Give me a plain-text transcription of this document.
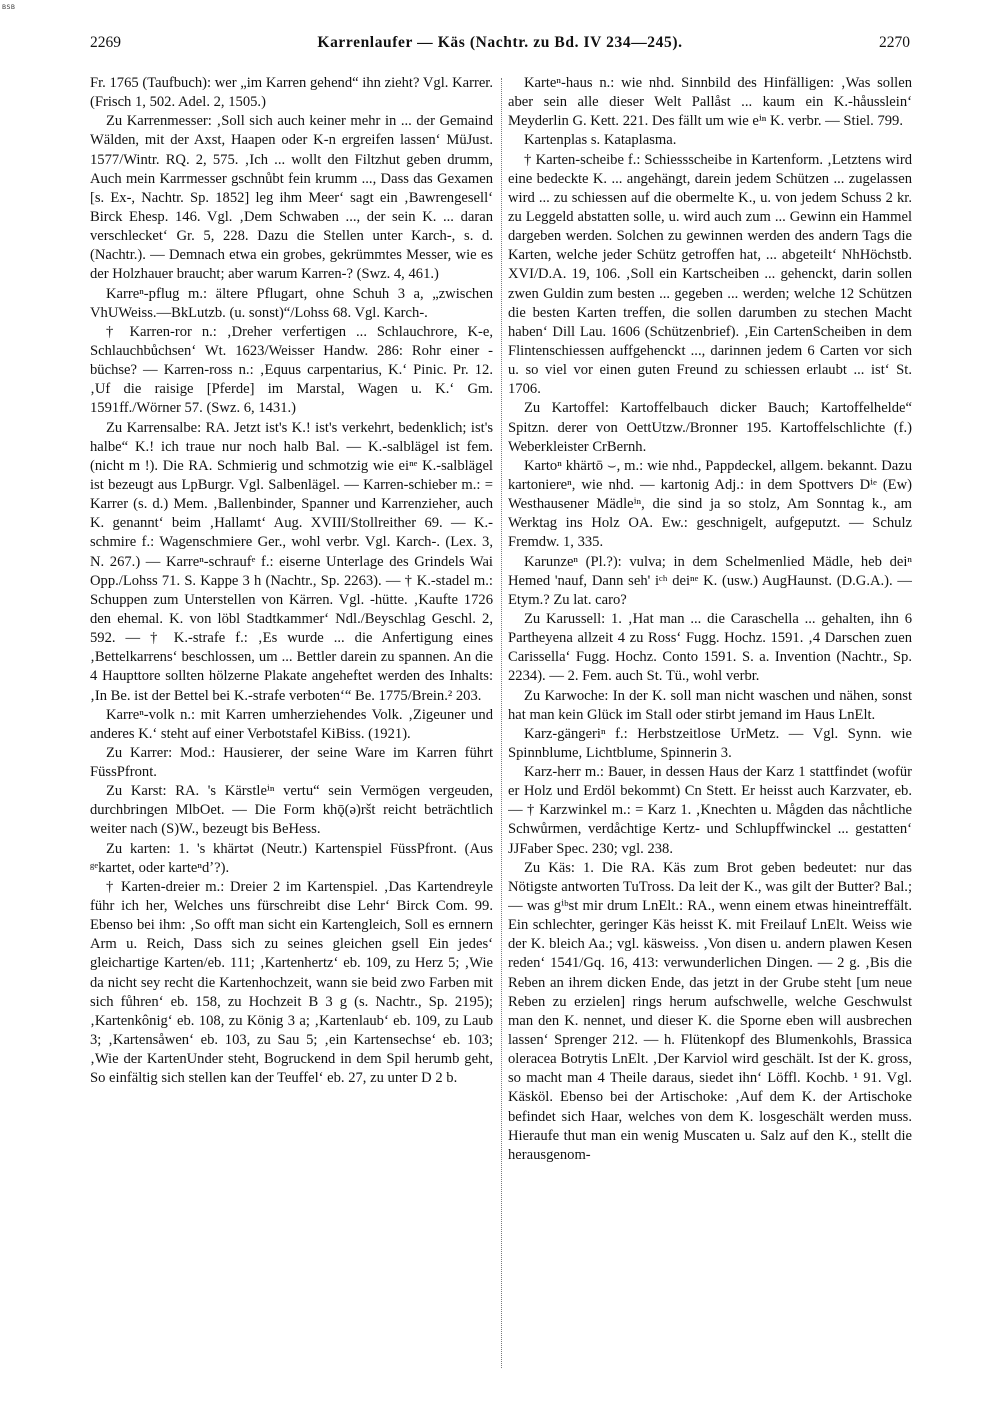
BSB
2269	Karrenlaufer — Käs (Nachtr. zu Bd. IV 234—245).	2270

Fr. 1765 (Taufbuch): wer „im Karren gehend“ ihn zieht? Vgl. Karrer. (Frisch 1, 502. Adel. 2, 1505.)

Zu Karrenmesser: ‚Soll sich auch keiner mehr in ... der Gemaind Wälden, mit der Axst, Haapen oder K-n ergreifen lassen‘ MüJust. 1577/Wintr. RQ. 2, 575. ‚Ich ... wollt den Filtzhut geben drumm, Auch mein Karrmesser gschnůbt fein krumm ..., Dass das Gexamen [s. Ex-, Nachtr. Sp. 1852] leg ihm Meer‘ sagt ein ‚Bawrengesell‘ Birck Ehesp. 146. Vgl. ‚Dem Schwaben ..., der sein K. ... daran verschlecket‘ Gr. 5, 228. Dazu die Stellen unter Karch-, s. d. (Nachtr.). — Demnach etwa ein grobes, gekrümmtes Messer, wie es der Holzhauer braucht; aber warum Karren-? (Swz. 4, 461.)

Karreⁿ-pflug m.: ältere Pflugart, ohne Schuh 3 a, „zwischen VhUWeiss.—BkLutzb. (u. sonst)“/Lohss 68. Vgl. Karch-.

† Karren-ror n.: ‚Dreher verfertigen ... Schlauchrore, K-e, Schlauchbůchsen‘ Wt. 1623/Weisser Handw. 286: Rohr einer -büchse? — Karren-ross n.: ‚Equus carpentarius, K.‘ Pinic. Pr. 12. ‚Uf die raisige [Pferde] im Marstal, Wagen u. K.‘ Gm. 1591ff./Wörner 57. (Swz. 6, 1431.)

Zu Karrensalbe: RA. Jetzt ist's K.! ist's verkehrt, bedenklich; ist's halbe“ K.! ich traue nur noch halb Bal. — K.-salblägel ist fem. (nicht m !). Die RA. Schmierig und schmotzig wie eiⁿᵉ K.-salblägel ist bezeugt aus LpBurgr. Vgl. Salbenlägel. — Karren-schieber m.: = Karrer (s. d.) Mem. ‚Ballenbinder, Spanner und Karrenzieher, auch K. genannt‘ beim ‚Hallamt‘ Aug. XVIII/Stollreither 69. — K.-schmire f.: Wagenschmiere Ger., wohl verbr. Vgl. Karch-. (Lex. 3, N. 267.) — Karreⁿ-schraufᵉ f.: eiserne Unterlage des Grindels Wai Opp./Lohss 71. S. Kappe 3 h (Nachtr., Sp. 2263). — † K.-stadel m.: Schuppen zum Unterstellen von Kärren. Vgl. -hütte. ‚Kaufte 1726 den ehemal. K. von löbl Stadtkammer‘ Ndl./Beyschlag Geschl. 2, 592. — † K.-strafe f.: ‚Es wurde ... die Anfertigung eines ‚Bettelkarrens‘ beschlossen, um ... Bettler darein zu spannen. An die 4 Haupttore sollten hölzerne Plakate angeheftet werden des Inhalts: ‚In Be. ist der Bettel bei K.-strafe verboten‘“ Be. 1775/Brein.² 203.

Karreⁿ-volk n.: mit Karren umherziehendes Volk. ‚Zigeuner und anderes K.‘ steht auf einer Verbotstafel KiBiss. (1921).

Zu Karrer: Mod.: Hausierer, der seine Ware im Karren führt FüssPfront.

Zu Karst: RA. 's Kärstleⁱⁿ vertu“ sein Vermögen vergeuden, durchbringen MlbOet. — Die Form khǭ(ə)ršt reicht beträchtlich weiter nach (S)W., bezeugt bis BeHess.

Zu karten: 1. 's khärtət (Neutr.) Kartenspiel FüssPfront. (Aus ᵍᵉkartet, oder karteⁿdʼ?).

† Karten-dreier m.: Dreier 2 im Kartenspiel. ‚Das Kartendreyle führ ich her, Welches uns fürschreibt dise Lehr‘ Birck Com. 99. Ebenso bei ihm: ‚So offt man sicht ein Kartengleich, Soll es ernnern Arm u. Reich, Dass sich zu seines gleichen gsell Ein jedes‘ gleichartige Karten/eb. 111; ‚Kartenhertz‘ eb. 109, zu Herz 5; ‚Wie da nicht sey recht die Kartenhochzeit, wann sie beid zwo Farben mit sich fůhren‘ eb. 158, zu Hochzeit B 3 g (s. Nachtr., Sp. 2195); ‚Kartenkônig‘ eb. 108, zu König 3 a; ‚Kartenlaub‘ eb. 109, zu Laub 3; ‚Kartensåwen‘ eb. 103, zu Sau 5; ‚ein Kartensechse‘ eb. 103; ‚Wie der KartenUnder steht, Bogruckend in dem Spil herumb geht, So einfältig sich stellen kan der Teuffel‘ eb. 27, zu unter D 2 b.

Karteⁿ-haus n.: wie nhd. Sinnbild des Hinfälligen: ‚Was sollen aber sein alle dieser Welt Pallåst ... kaum ein K.-håusslein‘ Meyderlin G. Kett. 221. Des fällt um wie eⁱⁿ K. verbr. — Stiel. 799.

Kartenplas s. Kataplasma.

† Karten-scheibe f.: Schiessscheibe in Kartenform. ‚Letztens wird eine bedeckte K. ... angehängt, darein jedem Schützen ... zugelassen wird ... zu schiessen auf die obermelte K., u. von jedem Schuss 2 kr. zu Leggeld abstatten solle, u. wird auch zum ... Gewinn ein Hammel dargeben werden. Solchen zu gewinnen werden des andern Tags die Karten, welche jeder Schütz getroffen hat, ... abgeteilt‘ NhHöchstb. XVI/D.A. 19, 106. ‚Soll ein Kartscheiben ... gehenckt, darin sollen zwen Guldin zum besten ... gegeben ... werden; welche 12 Schützen die besten Karten treffen, die sollen darumben zu stechen Macht haben‘ Dill Lau. 1606 (Schützenbrief). ‚Ein CartenScheiben in dem Flintenschiessen auffgehenckt ..., darinnen jedem 6 Carten vor sich u. so viel vor einen guten Freund zu schiessen erlaubt ... ist‘ St. 1706.

Zu Kartoffel: Kartoffelbauch dicker Bauch; Kartoffelhelde“ Spitzn. derer von OettUtzw./Bronner 195. Kartoffelschlichte (f.) Weberkleister CrBernh.

Kartoⁿ khärtō ⌣, m.: wie nhd., Pappdeckel, allgem. bekannt. Dazu kartonierеⁿ, wie nhd. — kartonig Adj.: in dem Spottvers Dⁱᵉ (Ew) Westhausener Mädleⁱⁿ, die sind ja so stolz, Am Sonntag k., am Werktag ins Holz OA. Ew.: geschnigelt, aufgeputzt. — Schulz Fremdw. 1, 335.

Karunzeⁿ (Pl.?): vulva; in dem Schelmenlied Mädle, heb deiⁿ Hemed 'nauf, Dann seh' iᶜʰ deiⁿᵉ K. (usw.) AugHaunst. (D.G.A.). — Etym.? Zu lat. caro?

Zu Karussell: 1. ‚Hat man ... die Caraschella ... gehalten, ihn 6 Partheyena allzeit 4 zu Ross‘ Fugg. Hochz. 1591. ‚4 Darschen zuen Carissella‘ Fugg. Hochz. Conto 1591. S. a. Invention (Nachtr., Sp. 2234). — 2. Fem. auch St. Tü., wohl verbr.

Zu Karwoche: In der K. soll man nicht waschen und nähen, sonst hat man kein Glück im Stall oder stirbt jemand im Haus LnElt.

Karz-gängeriⁿ f.: Herbstzeitlose UrMetz. — Vgl. Synn. wie Spinnblume, Lichtblume, Spinnerin 3.

Karz-herr m.: Bauer, in dessen Haus der Karz 1 stattfindet (wofür er Holz und Erdöl bekommt) Cn Stett. Er heisst auch Karzvater, eb. — † Karzwinkel m.: = Karz 1. ‚Knechten u. Mågden das nåchtliche Schwůrmen, verdåchtige Kertz- und Schlupffwinckel ... gestatten‘ JJFaber Spec. 230; vgl. 238.

Zu Käs: 1. Die RA. Käs zum Brot geben bedeutet: nur das Nötigste antworten TuTross. Da leit der K., was gilt der Butter? Bal.; — was gⁱᵇst mir drum LnElt.: RA., wenn einem etwas hineintreffält. Ein schlechter, geringer Käs heisst K. mit Freilauf LnElt. Weiss wie der K. bleich Aa.; vgl. käsweiss. ‚Von disen u. andern plawen Kesen reden‘ 1541/Gq. 16, 413: verwunderlichen Dingen. — 2 g. ‚Bis die Reben an ihrem dicken Ende, das jetzt in der Grube steht [um neue Reben zu erzielen] rings herum aufschwelle, welche Geschwulst man den K. nennet, und dieser K. die Sporne eben will ausbrechen lassen‘ Sprenger 212. — h. Flütenkopf des Blumenkohls, Brassica oleracea Botrytis LnElt. ‚Der Karviol wird geschält. Ist der K. gross, so macht man 4 Theile daraus, siedet ihn‘ Löffl. Kochb. ¹ 91. Vgl. Käsköl. Ebenso bei der Artischoke: ‚Auf dem K. der Artischoke befindet sich Haar, welches von dem K. losgeschält werden muss. Hieraufe thut man ein wenig Muscaten u. Salz auf den K., stellt die herausgenom-
